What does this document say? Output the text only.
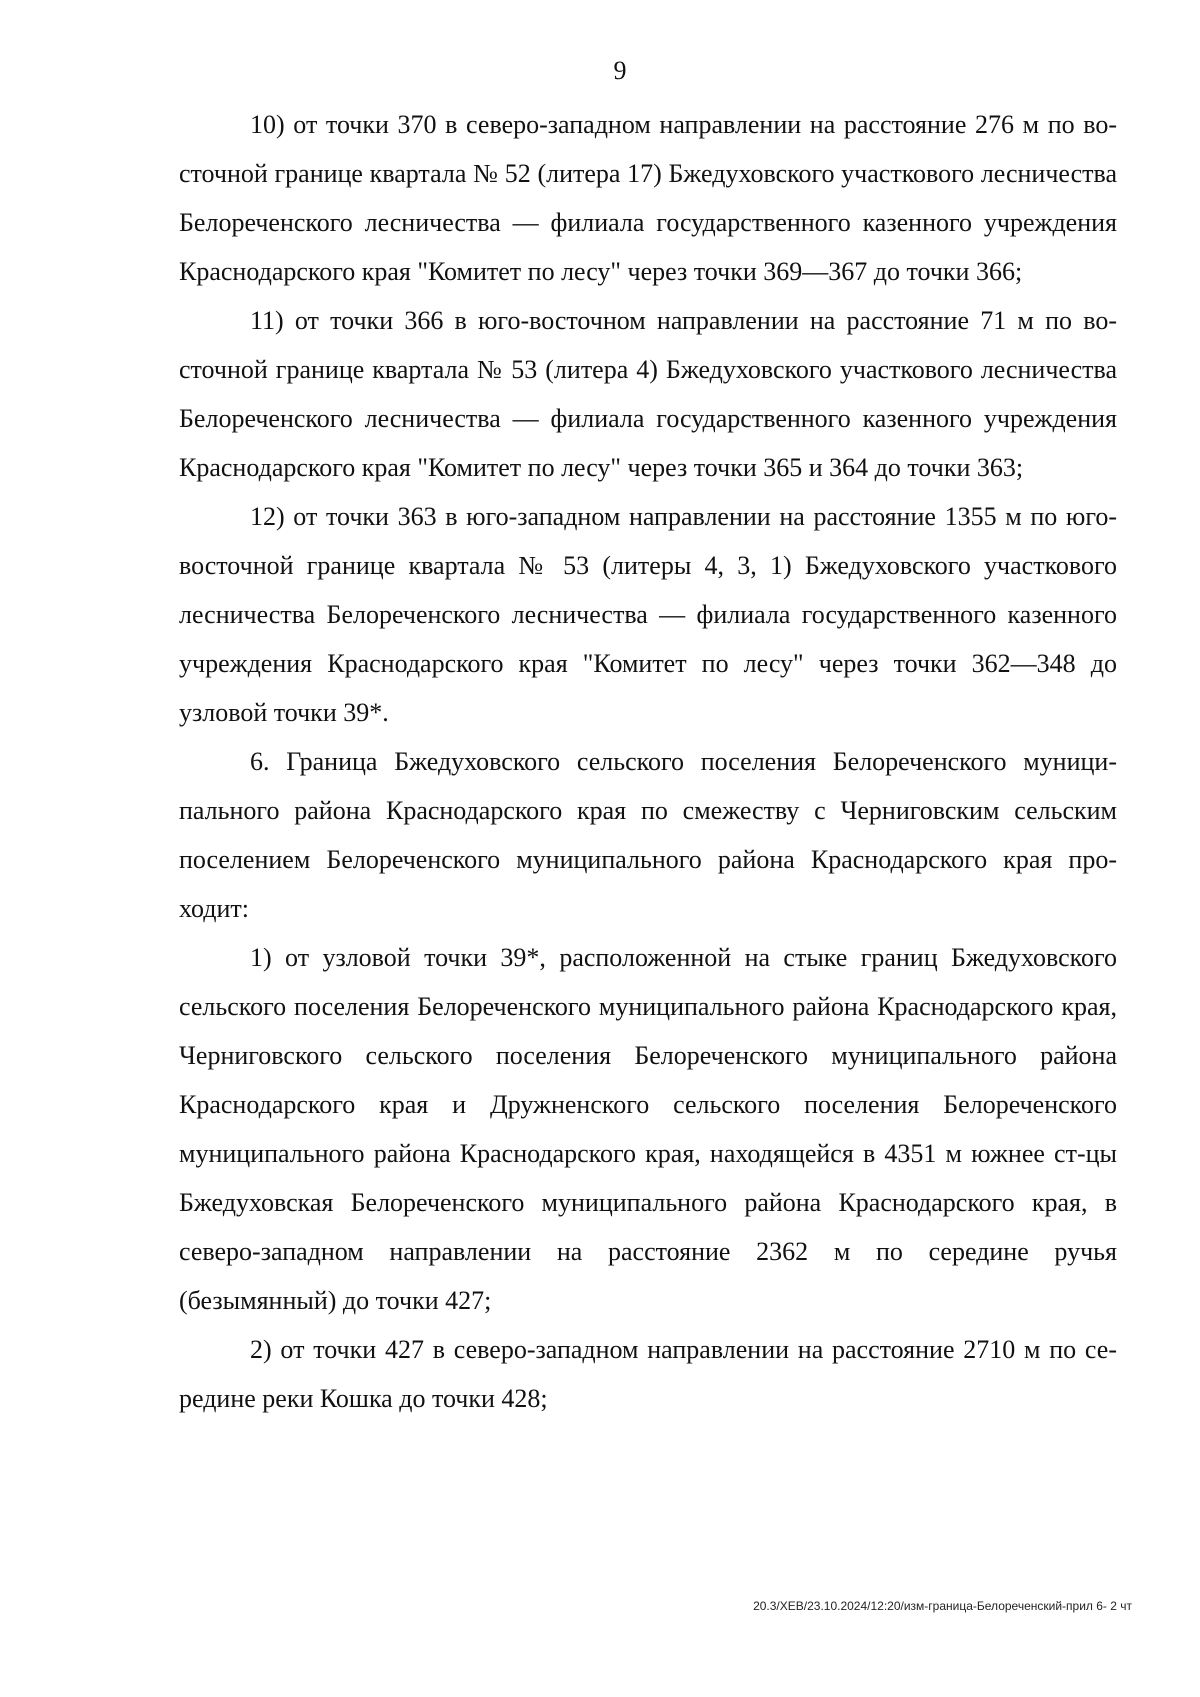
9

10) от точки 370 в северо-западном направлении на расстояние 276 м по восточной границе квартала № 52 (литера 17) Бжедуховского участкового лесничества Белореченского лесничества — филиала государственного казенного учреждения Краснодарского края "Комитет по лесу" через точки 369—367 до точки 366;

11) от точки 366 в юго-восточном направлении на расстояние 71 м по восточной границе квартала № 53 (литера 4) Бжедуховского участкового лесничества Белореченского лесничества — филиала государственного казенного учреждения Краснодарского края "Комитет по лесу" через точки 365 и 364 до точки 363;

12) от точки 363 в юго-западном направлении на расстояние 1355 м по юго-восточной границе квартала № 53 (литеры 4, 3, 1) Бжедуховского участкового лесничества Белореченского лесничества — филиала государственного казенного учреждения Краснодарского края "Комитет по лесу" через точки 362—348 до узловой точки 39*.

6. Граница Бжедуховского сельского поселения Белореченского муниципального района Краснодарского края по смежеству с Черниговским сельским поселением Белореченского муниципального района Краснодарского края проходит:

1) от узловой точки 39*, расположенной на стыке границ Бжедуховского сельского поселения Белореченского муниципального района Краснодарского края, Черниговского сельского поселения Белореченского муниципального района Краснодарского края и Дружненского сельского поселения Белореченского муниципального района Краснодарского края, находящейся в 4351 м южнее ст-цы Бжедуховская Белореченского муниципального района Краснодарского края, в северо-западном направлении на расстояние 2362 м по середине ручья (безымянный) до точки 427;

2) от точки 427 в северо-западном направлении на расстояние 2710 м по середине реки Кошка до точки 428;

20.3/ХЕВ/23.10.2024/12:20/изм-граница-Белореченский-прил 6- 2 чт
